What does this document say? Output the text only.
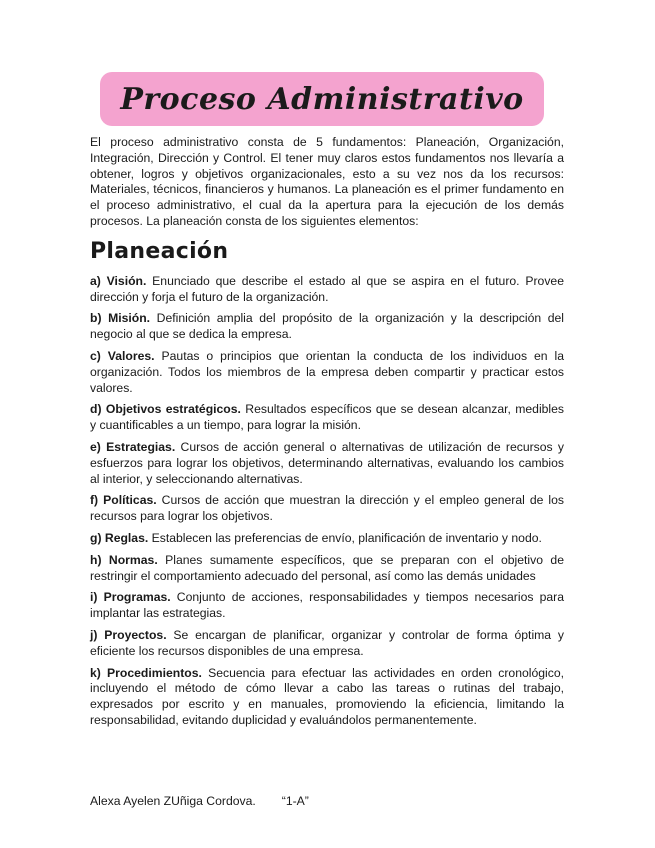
Proceso Administrativo

El proceso administrativo consta de 5 fundamentos: Planeación, Organización, Integración, Dirección y Control. El tener muy claros estos fundamentos nos llevaría a obtener, logros y objetivos organizacionales, esto a su vez nos da los recursos: Materiales, técnicos, financieros y humanos. La planeación es el primer fundamento en el proceso administrativo, el cual da la apertura para la ejecución de los demás procesos. La planeación consta de los siguientes elementos:

Planeación

a) Visión. Enunciado que describe el estado al que se aspira en el futuro. Provee dirección y forja el futuro de la organización.

b) Misión. Definición amplia del propósito de la organización y la descripción del negocio al que se dedica la empresa.

c) Valores. Pautas o principios que orientan la conducta de los individuos en la organización. Todos los miembros de la empresa deben compartir y practicar estos valores.

d) Objetivos estratégicos. Resultados específicos que se desean alcanzar, medibles y cuantificables a un tiempo, para lograr la misión.

e) Estrategias. Cursos de acción general o alternativas de utilización de recursos y esfuerzos para lograr los objetivos, determinando alternativas, evaluando los cambios al interior, y seleccionando alternativas.

f) Políticas. Cursos de acción que muestran la dirección y el empleo general de los recursos para lograr los objetivos.

g) Reglas. Establecen las preferencias de envío, planificación de inventario y nodo.

h) Normas. Planes sumamente específicos, que se preparan con el objetivo de restringir el comportamiento adecuado del personal, así como las demás unidades

i) Programas. Conjunto de acciones, responsabilidades y tiempos necesarios para implantar las estrategias.

j) Proyectos. Se encargan de planificar, organizar y controlar de forma óptima y eficiente los recursos disponibles de una empresa.

k) Procedimientos. Secuencia para efectuar las actividades en orden cronológico, incluyendo el método de cómo llevar a cabo las tareas o rutinas del trabajo, expresados por escrito y en manuales, promoviendo la eficiencia, limitando la responsabilidad, evitando duplicidad y evaluándolos permanentemente.

Alexa Ayelen ZUñiga Cordova. “1-A”
